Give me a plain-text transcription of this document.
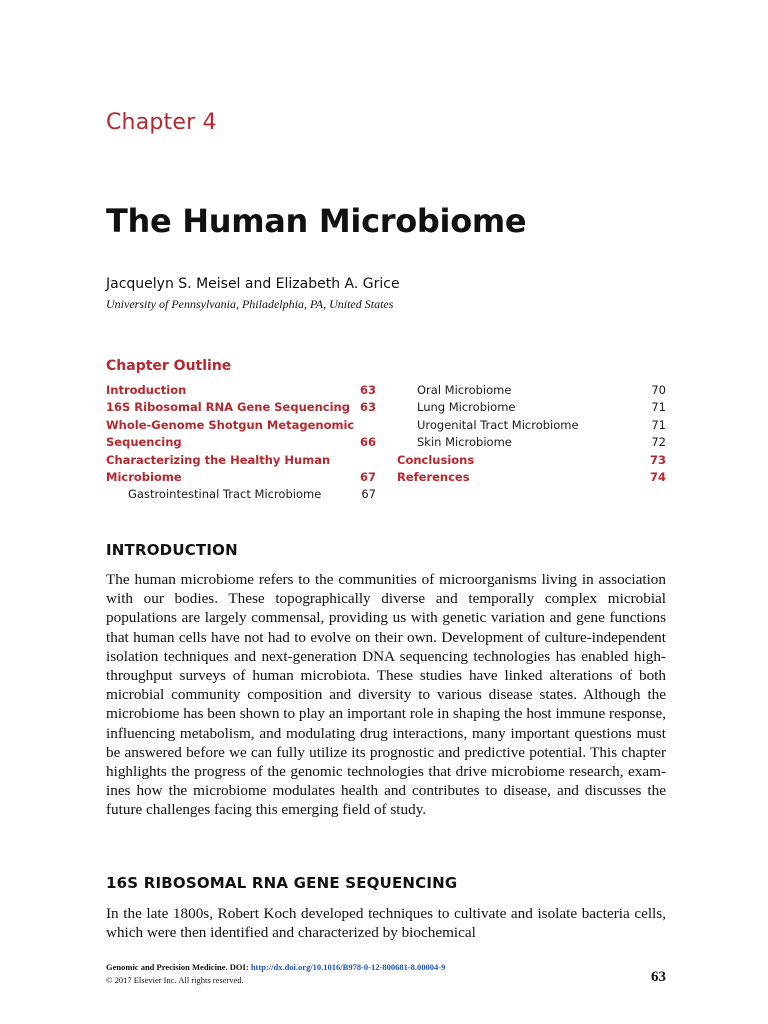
Chapter 4
The Human Microbiome
Jacquelyn S. Meisel and Elizabeth A. Grice
University of Pennsylvania, Philadelphia, PA, United States
Chapter Outline
Introduction	63
16S Ribosomal RNA Gene Sequencing 63
Whole-Genome Shotgun Metagenomic
Sequencing	66
Characterizing the Healthy Human
Microbiome	67
Gastrointestinal Tract Microbiome	67
Oral Microbiome	70
Lung Microbiome	71
Urogenital Tract Microbiome	71
Skin Microbiome	72
Conclusions	73
References	74
INTRODUCTION

The human microbiome refers to the communities of microorganisms living in association with our bodies. These topographically diverse and temporally complex microbial populations are largely commensal, providing us with genetic variation and gene functions that human cells have not had to evolve on their own. Development of culture-independent isolation techniques and next-generation DNA sequencing technologies has enabled high-throughput surveys of human microbiota. These studies have linked alterations of both microbial community composition and diversity to various disease states. Although the microbiome has been shown to play an important role in shaping the host immune response, influencing metabolism, and modulating drug interactions, many important questions must be answered before we can fully utilize its prognostic and predictive potential. This chapter highlights the progress of the genomic technologies that drive microbiome research, examines how the microbiome modulates health and contributes to disease, and discusses the future challenges facing this emerging field of study.

16S RIBOSOMAL RNA GENE SEQUENCING

In the late 1800s, Robert Koch developed techniques to cultivate and isolate bacteria cells, which were then identified and characterized by biochemical

Genomic and Precision Medicine. DOI: http://dx.doi.org/10.1016/B978-0-12-800681-8.00004-9
© 2017 Elsevier Inc. All rights reserved.	63
